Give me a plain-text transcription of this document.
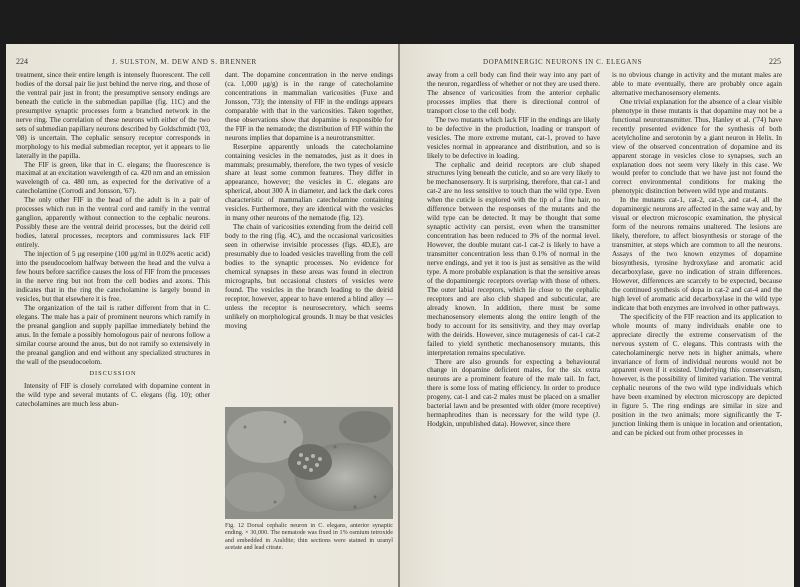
224	J. SULSTON, M. DEW AND S. BRENNER

treatment, since their entire length is intensely fluorescent. The cell bodies of the dorsal pair lie just behind the nerve ring, and those of the ventral pair just in front; the presumptive sensory endings are beneath the cuticle in the submedian papillae (fig. 11C) and the presumptive synaptic processes form a branched network in the nerve ring. The correlation of these neurons with either of the two sets of submedian papillary neurons described by Goldschmidt ('03, '08) is uncertain. The cephalic sensory receptor corresponds in morphology to his medial submedian receptor, yet it appears to lie laterally in the papilla.

The FIF is green, like that in C. elegans; the fluorescence is maximal at an excitation wavelength of ca. 420 nm and an emission wavelength of ca. 480 nm, as expected for the derivative of a catecholamine (Corrodi and Jonsson, '67).

The only other FIF in the head of the adult is in a pair of processes which run in the ventral cord and ramify in the ventral ganglion, apparently without connection to the cephalic neurons. Possibly these are the ventral deirid processes, but the deirid cell bodies, lateral processes, receptors and commissures lack FIF entirely.

The injection of 5 μg reserpine (100 μg/ml in 0.02% acetic acid) into the pseudocoelom halfway between the head and the vulva a few hours before sacrifice causes the loss of FIF from the processes in the nerve ring but not from the cell bodies and axons. This indicates that in the ring the catecholamine is largely bound in vesicles, but that elsewhere it is free.

The organization of the tail is rather different from that in C. elegans. The male has a pair of prominent neurons which ramify in the preanal ganglion and supply papillae immediately behind the anus. In the female a possibly homologous pair of neurons follow a similar course around the anus, but do not ramify so extensively in the preanal ganglion and end without any specialized structures in the wall of the pseudocoelom.

DISCUSSION

Intensity of FIF is closely correlated with dopamine content in the wild type and several mutants of C. elegans (fig. 10); other catecholamines are much less abun-

dant. The dopamine concentration in the nerve endings (ca. 1,000 μg/g) is in the range of catecholamine concentrations in mammalian varicosities (Fuxe and Jonsson, '73); the intensity of FIF in the endings appears comparable with that in the varicosities. Taken together, these observations show that dopamine is responsible for the FIF in the nematode; the distribution of FIF within the neurons implies that dopamine is a neurotransmitter.

Reserpine apparently unloads the catecholamine containing vesicles in the nematodes, just as it does in mammals; presumably, therefore, the two types of vesicle share at least some common features. They differ in appearance, however; the vesicles in C. elegans are spherical, about 300 Å in diameter, and lack the dark cores characteristic of mammalian catecholamine containing vesicles. Furthermore, they are identical with the vesicles in many other neurons of the nematode (fig. 12).

The chain of varicosities extending from the deirid cell body to the ring (fig. 4C), and the occasional varicosities seen in otherwise invisible processes (figs. 4D,E), are presumably due to loaded vesicles travelling from the cell bodies to the synaptic processes. No evidence for chemical synapses in these areas was found in electron micrographs, but occasional clusters of vesicles were found. The vesicles in the branch leading to the deirid receptor, however, appear to have entered a blind alley — unless the receptor is neurosecretory, which seems unlikely on morphological grounds. It may be that vesicles moving

Fig. 12 Dorsal cephalic neuron in C. elegans, anterior synaptic ending. × 30,000. The nematode was fixed in 1% osmium tetroxide and embedded in Araldite; thin sections were stained in uranyl acetate and lead citrate.
DOPAMINERGIC NEURONS IN C. ELEGANS	225

away from a cell body can find their way into any part of the neuron, regardless of whether or not they are used there. The absence of varicosities from the anterior cephalic processes implies that there is directional control of transport close to the cell body.

The two mutants which lack FIF in the endings are likely to be defective in the production, loading or transport of vesicles. The more extreme mutant, cat-1, proved to have vesicles normal in appearance and distribution, and so is likely to be defective in loading.

The cephalic and deirid receptors are club shaped structures lying beneath the cuticle, and so are very likely to be mechanosensory. It is surprising, therefore, that cat-1 and cat-2 are no less sensitive to touch than the wild type. Even when the cuticle is explored with the tip of a fine hair, no difference between the responses of the mutants and the wild type can be detected. It may be thought that some synaptic activity can persist, even when the transmitter concentration has been reduced to 3% of the normal level. However, the double mutant cat-1 cat-2 is likely to have a transmitter concentration less than 0.1% of normal in the nerve endings, and yet it too is just as sensitive as the wild type. A more probable explanation is that the sensitive areas of the dopaminergic receptors overlap with those of others. The outer labial receptors, which lie close to the cephalic receptors and are also club shaped and subcuticular, are already known. In addition, there must be some mechanosensory elements along the entire length of the body to account for its sensitivity, and they may overlap with the deirids. However, since mutagenesis of cat-1 cat-2 failed to yield synthetic mechanosensory mutants, this interpretation remains speculative.

There are also grounds for expecting a behavioural change in dopamine deficient males, for the six extra neurons are a prominent feature of the male tail. In fact, there is some loss of mating efficiency. In order to produce progeny, cat-1 and cat-2 males must be placed on a smaller bacterial lawn and be presented with older (more receptive) hermaphrodites than is necessary for the wild type (J. Hodgkin, unpublished data). However, since there

is no obvious change in activity and the mutant males are able to mate eventually, there are probably once again alternative mechanosensory elements.

One trivial explanation for the absence of a clear visible phenotype in these mutants is that dopamine may not be a functional neurotransmitter. Thus, Hanley et al. ('74) have recently presented evidence for the synthesis of both acetylcholine and serotonin by a giant neuron in Helix. In view of the observed concentration of dopamine and its apparent storage in vesicles close to synapses, such an explanation does not seem very likely in this case. We would prefer to conclude that we have just not found the correct environmental conditions for making the phenotypic distinction between wild type and mutants.

In the mutants cat-1, cat-2, cat-3, and cat-4, all the dopaminergic neurons are affected in the same way and, by visual or electron microscopic examination, the physical form of the neurons remains unaltered. The lesions are likely, therefore, to affect biosynthesis or storage of the transmitter, at steps which are common to all the neurons. Assays of the two known enzymes of dopamine biosynthesis, tyrosine hydroxylase and aromatic acid decarboxylase, gave no indication of strain differences. However, differences are scarcely to be expected, because the continued synthesis of dopa in cat-2 and cat-4 and the high level of aromatic acid decarboxylase in the wild type indicate that both enzymes are involved in other pathways.

The specificity of the FIF reaction and its application to whole mounts of many individuals enable one to appreciate directly the extreme conservatism of the nervous system of C. elegans. This contrasts with the catecholaminergic nerve nets in higher animals, where invariance of form of individual neurons would not be apparent even if it existed. Underlying this conservatism, however, is the possibility of limited variation. The ventral cephalic neurons of the two wild type individuals which have been examined by electron microscopy are depicted in figure 5. The ring endings are similar in size and position in the two animals; more significantly the T-junction linking them is unique in location and orientation, and can be picked out from other processes in
